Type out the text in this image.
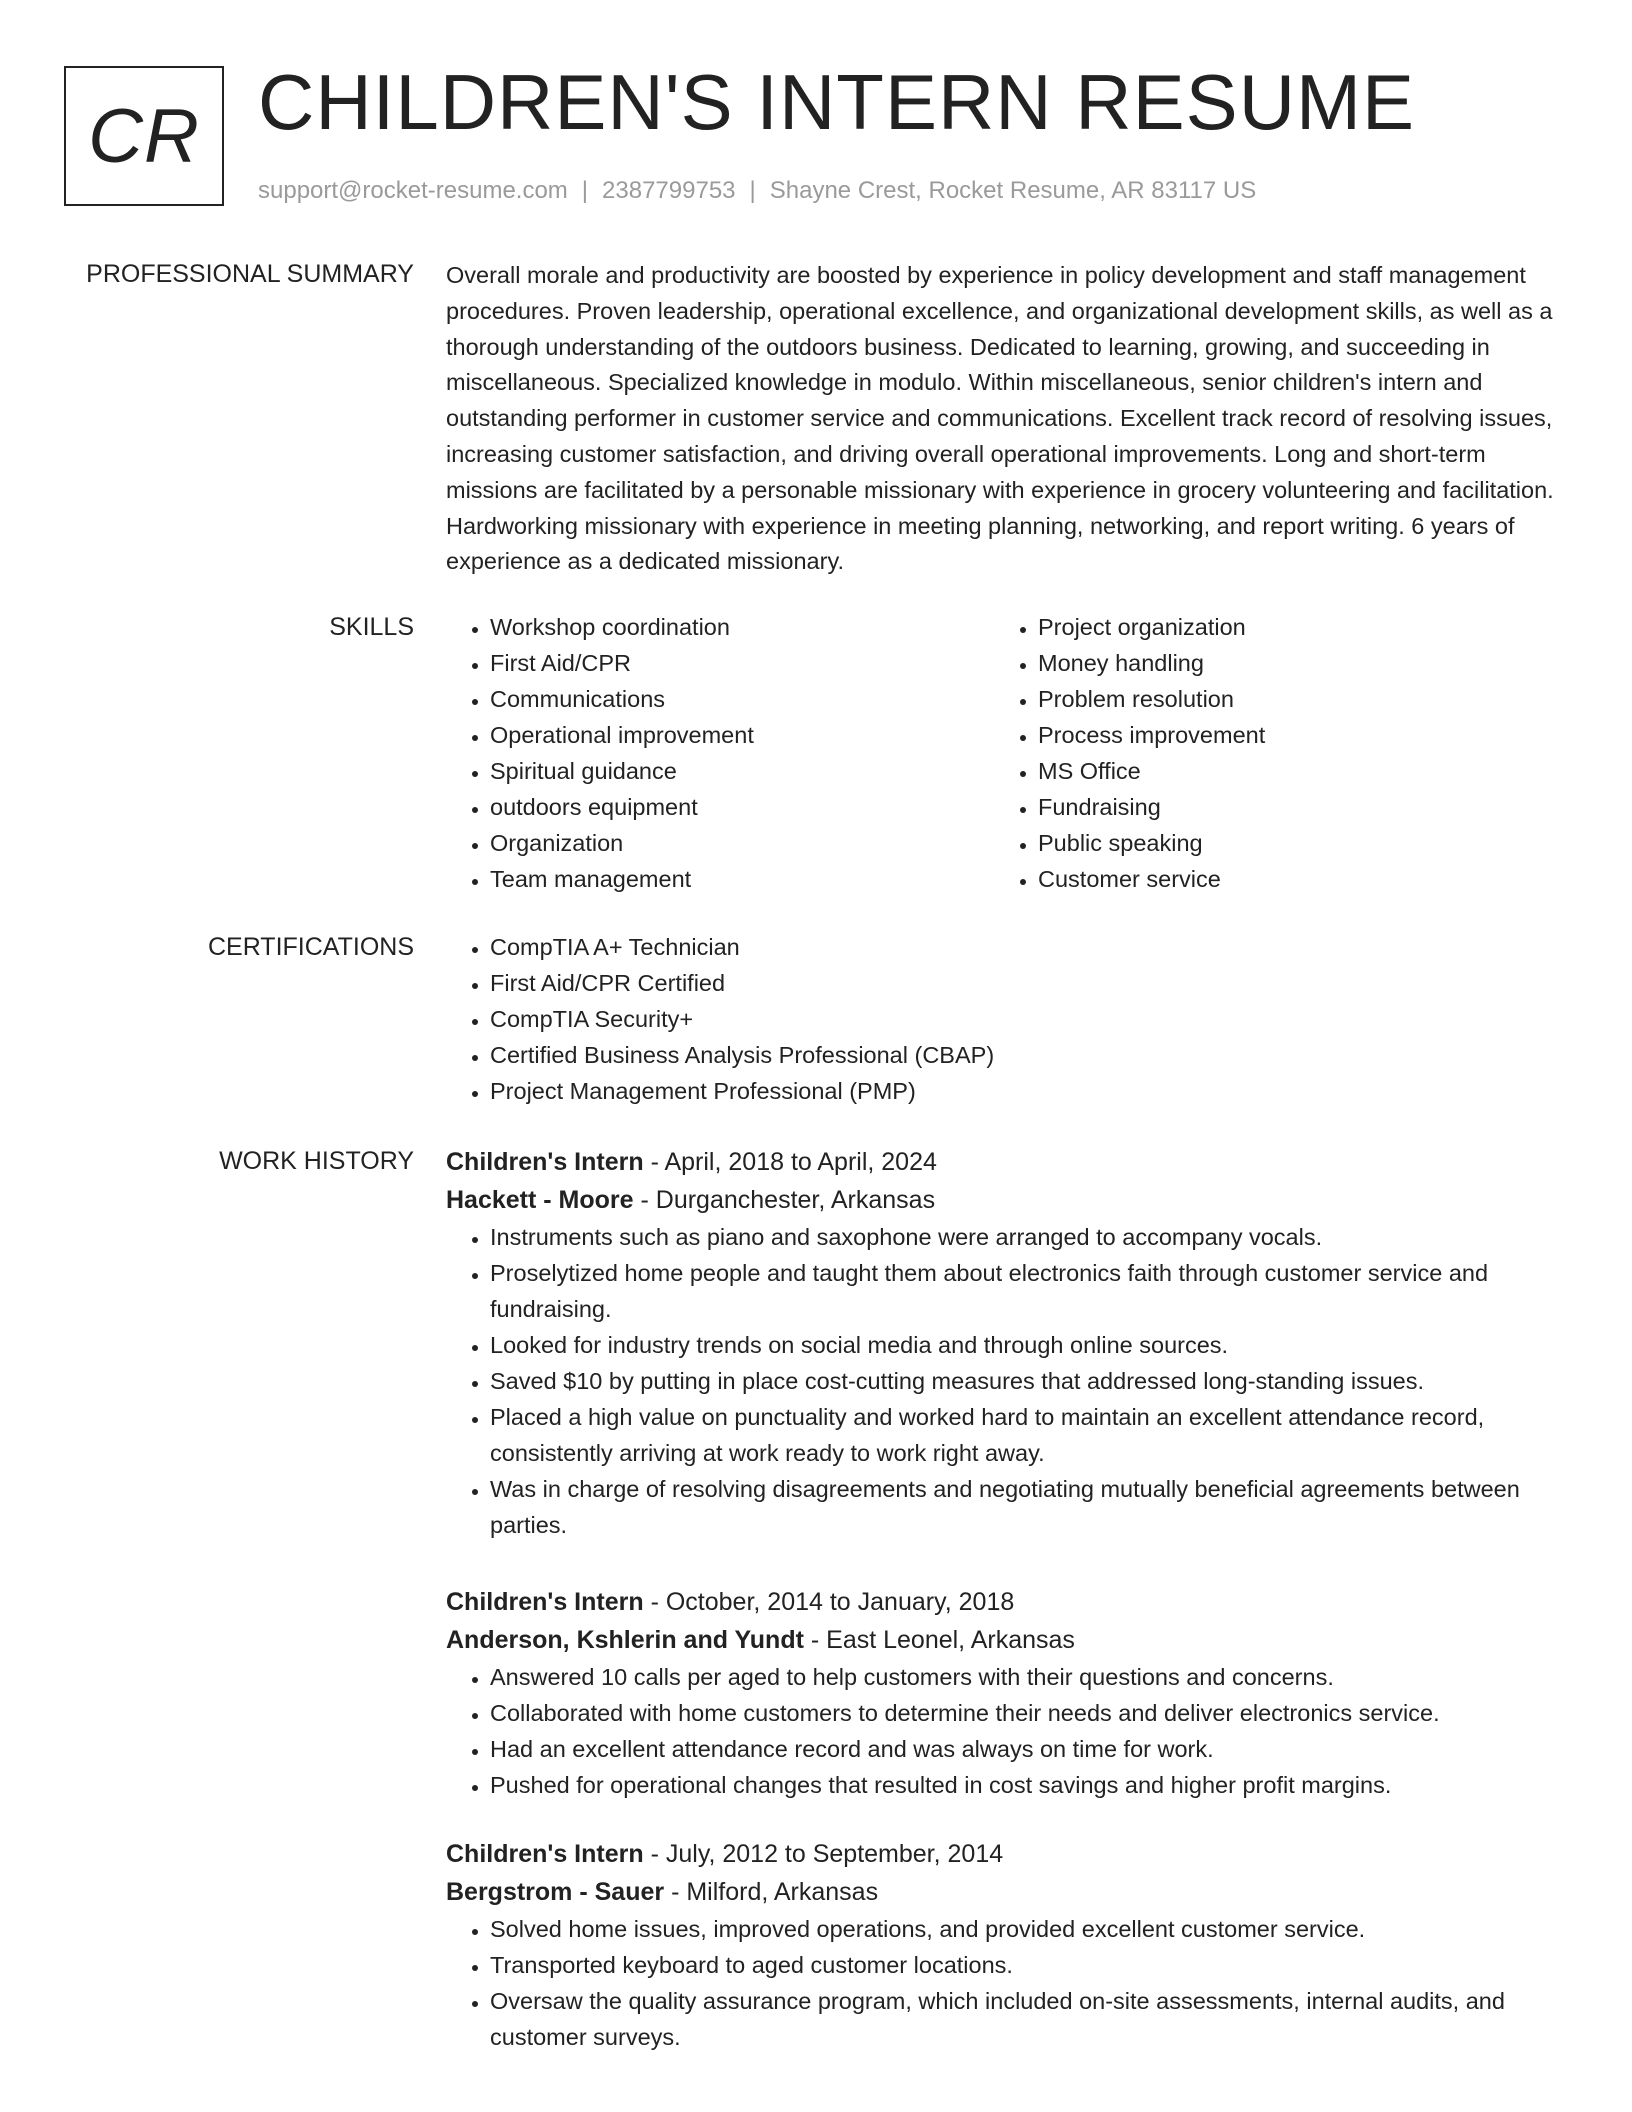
CR CHILDREN'S INTERN RESUME
support@rocket-resume.com | 2387799753 | Shayne Crest, Rocket Resume, AR 83117 US
PROFESSIONAL SUMMARY Overall morale and productivity are boosted by experience in policy development and staff management procedures. Proven leadership, operational excellence, and organizational development skills, as well as a thorough understanding of the outdoors business. Dedicated to learning, growing, and succeeding in miscellaneous. Specialized knowledge in modulo. Within miscellaneous, senior children's intern and outstanding performer in customer service and communications. Excellent track record of resolving issues, increasing customer satisfaction, and driving overall operational improvements. Long and short-term missions are facilitated by a personable missionary with experience in grocery volunteering and facilitation. Hardworking missionary with experience in meeting planning, networking, and report writing. 6 years of experience as a dedicated missionary.

SKILLS	• Workshop coordination
• First Aid/CPR
• Communications
• Operational improvement
• Spiritual guidance
• outdoors equipment
• Organization
• Team management
• Project organization
• Money handling
• Problem resolution
• Process improvement
• MS Office
• Fundraising
• Public speaking
• Customer service
CERTIFICATIONS	• CompTIA A+ Technician
• First Aid/CPR Certified
• CompTIA Security+
• Certified Business Analysis Professional (CBAP)
• Project Management Professional (PMP)
WORK HISTORY Children's Intern - April, 2018 to April, 2024
Hackett - Moore - Durganchester, Arkansas
• Instruments such as piano and saxophone were arranged to accompany vocals.
• Proselytized home people and taught them about electronics faith through customer service and fundraising.
• Looked for industry trends on social media and through online sources.
• Saved $10 by putting in place cost-cutting measures that addressed long-standing issues.
• Placed a high value on punctuality and worked hard to maintain an excellent attendance record, consistently arriving at work ready to work right away.
• Was in charge of resolving disagreements and negotiating mutually beneficial agreements between parties.
Children's Intern - October, 2014 to January, 2018
Anderson, Kshlerin and Yundt - East Leonel, Arkansas
• Answered 10 calls per aged to help customers with their questions and concerns.
• Collaborated with home customers to determine their needs and deliver electronics service.
• Had an excellent attendance record and was always on time for work.
• Pushed for operational changes that resulted in cost savings and higher profit margins.
Children's Intern - July, 2012 to September, 2014
Bergstrom - Sauer - Milford, Arkansas
• Solved home issues, improved operations, and provided excellent customer service.
• Transported keyboard to aged customer locations.
• Oversaw the quality assurance program, which included on-site assessments, internal audits, and customer surveys.
